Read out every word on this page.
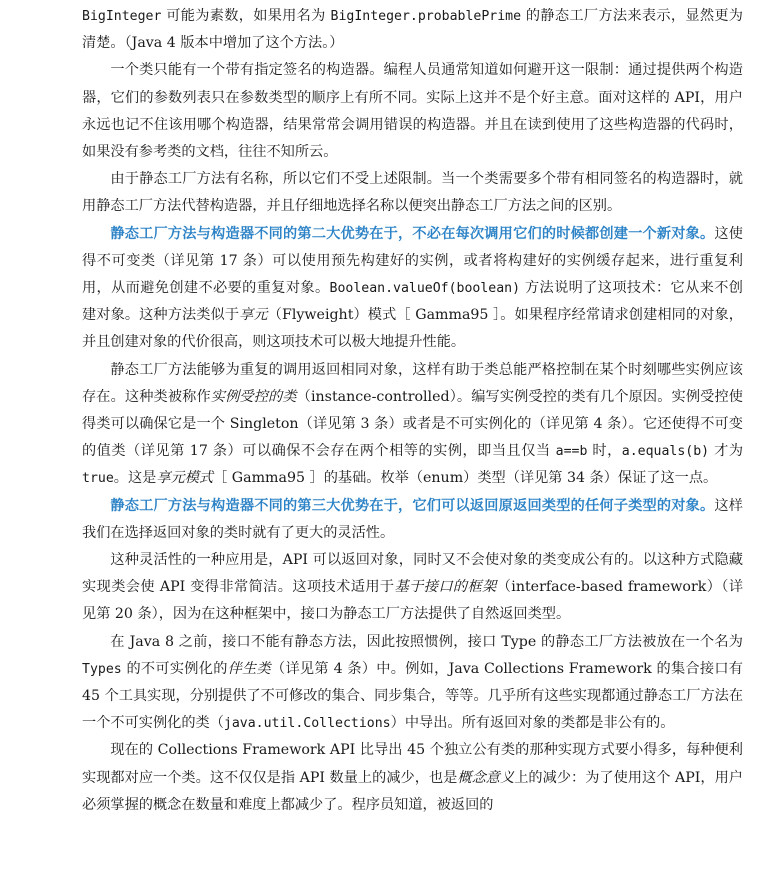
BigInteger 可能为素数，如果用名为 BigInteger.probablePrime 的静态工厂方法来表示，显然更为清楚。（Java 4 版本中增加了这个方法。）

一个类只能有一个带有指定签名的构造器。编程人员通常知道如何避开这一限制：通过提供两个构造器，它们的参数列表只在参数类型的顺序上有所不同。实际上这并不是个好主意。面对这样的 API，用户永远也记不住该用哪个构造器，结果常常会调用错误的构造器。并且在读到使用了这些构造器的代码时，如果没有参考类的文档，往往不知所云。

由于静态工厂方法有名称，所以它们不受上述限制。当一个类需要多个带有相同签名的构造器时，就用静态工厂方法代替构造器，并且仔细地选择名称以便突出静态工厂方法之间的区别。

静态工厂方法与构造器不同的第二大优势在于，不必在每次调用它们的时候都创建一个新对象。这使得不可变类（详见第 17 条）可以使用预先构建好的实例，或者将构建好的实例缓存起来，进行重复利用，从而避免创建不必要的重复对象。Boolean.valueOf(boolean) 方法说明了这项技术：它从来不创建对象。这种方法类似于享元（Flyweight）模式［ Gamma95 ］。如果程序经常请求创建相同的对象，并且创建对象的代价很高，则这项技术可以极大地提升性能。

静态工厂方法能够为重复的调用返回相同对象，这样有助于类总能严格控制在某个时刻哪些实例应该存在。这种类被称作实例受控的类（instance-controlled）。编写实例受控的类有几个原因。实例受控使得类可以确保它是一个 Singleton（详见第 3 条）或者是不可实例化的（详见第 4 条）。它还使得不可变的值类（详见第 17 条）可以确保不会存在两个相等的实例，即当且仅当 a==b 时，a.equals(b) 才为 true。这是享元模式［ Gamma95 ］的基础。枚举（enum）类型（详见第 34 条）保证了这一点。

静态工厂方法与构造器不同的第三大优势在于，它们可以返回原返回类型的任何子类型的对象。这样我们在选择返回对象的类时就有了更大的灵活性。

这种灵活性的一种应用是，API 可以返回对象，同时又不会使对象的类变成公有的。以这种方式隐藏实现类会使 API 变得非常简洁。这项技术适用于基于接口的框架（interface-based framework）（详见第 20 条），因为在这种框架中，接口为静态工厂方法提供了自然返回类型。

在 Java 8 之前，接口不能有静态方法，因此按照惯例，接口 Type 的静态工厂方法被放在一个名为 Types 的不可实例化的伴生类（详见第 4 条）中。例如，Java Collections Framework 的集合接口有 45 个工具实现，分别提供了不可修改的集合、同步集合，等等。几乎所有这些实现都通过静态工厂方法在一个不可实例化的类（java.util.Collections）中导出。所有返回对象的类都是非公有的。

现在的 Collections Framework API 比导出 45 个独立公有类的那种实现方式要小得多，每种便利实现都对应一个类。这不仅仅是指 API 数量上的减少，也是概念意义上的减少：为了使用这个 API，用户必须掌握的概念在数量和难度上都减少了。程序员知道，被返回的
